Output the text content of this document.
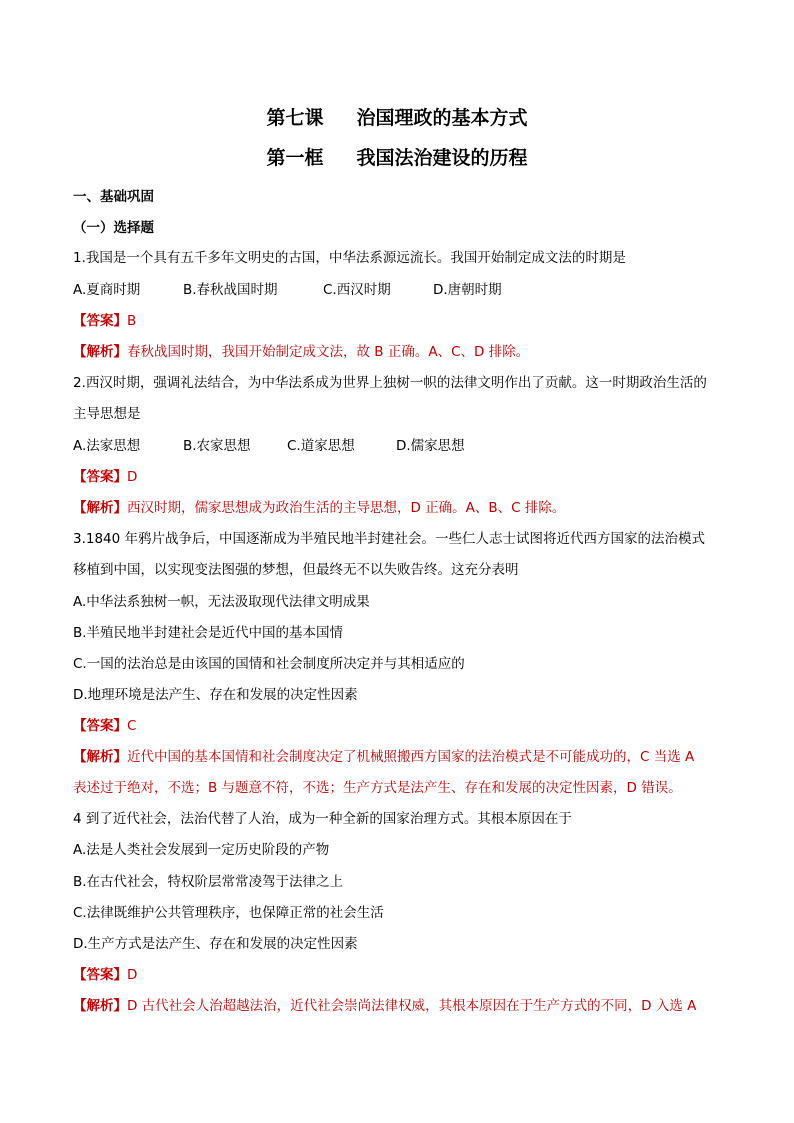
第七课     治国理政的基本方式
第一框     我国法治建设的历程
一、基础巩固
（一）选择题
1.我国是一个具有五千多年文明史的古国，中华法系源远流长。我国开始制定成文法的时期是
A.夏商时期	B.春秋战国时期	C.西汉时期	D.唐朝时期
【答案】B
【解析】春秋战国时期，我国开始制定成文法，故 B 正确。A、C、D 排除。
2.西汉时期，强调礼法结合，为中华法系成为世界上独树一帜的法律文明作出了贡献。这一时期政治生活的
主导思想是
A.法家思想	B.农家思想	C.道家思想	D.儒家思想
【答案】D
【解析】西汉时期，儒家思想成为政治生活的主导思想，D 正确。A、B、C 排除。
3.1840 年鸦片战争后，中国逐渐成为半殖民地半封建社会。一些仁人志士试图将近代西方国家的法治模式
移植到中国，以实现变法图强的梦想，但最终无不以失败告终。这充分表明
A.中华法系独树一帜，无法汲取现代法律文明成果
B.半殖民地半封建社会是近代中国的基本国情
C.一国的法治总是由该国的国情和社会制度所决定并与其相适应的
D.地理环境是法产生、存在和发展的决定性因素
【答案】C
【解析】近代中国的基本国情和社会制度决定了机械照搬西方国家的法治模式是不可能成功的，C 当选 A
表述过于绝对，不选；B 与题意不符，不选；生产方式是法产生、存在和发展的决定性因素，D 错误。
4 到了近代社会，法治代替了人治，成为一种全新的国家治理方式。其根本原因在于
A.法是人类社会发展到一定历史阶段的产物
B.在古代社会，特权阶层常常凌驾于法律之上
C.法律既维护公共管理秩序，也保障正常的社会生活
D.生产方式是法产生、存在和发展的决定性因素
【答案】D
【解析】D 古代社会人治超越法治，近代社会崇尚法律权威，其根本原因在于生产方式的不同，D 入选 A
